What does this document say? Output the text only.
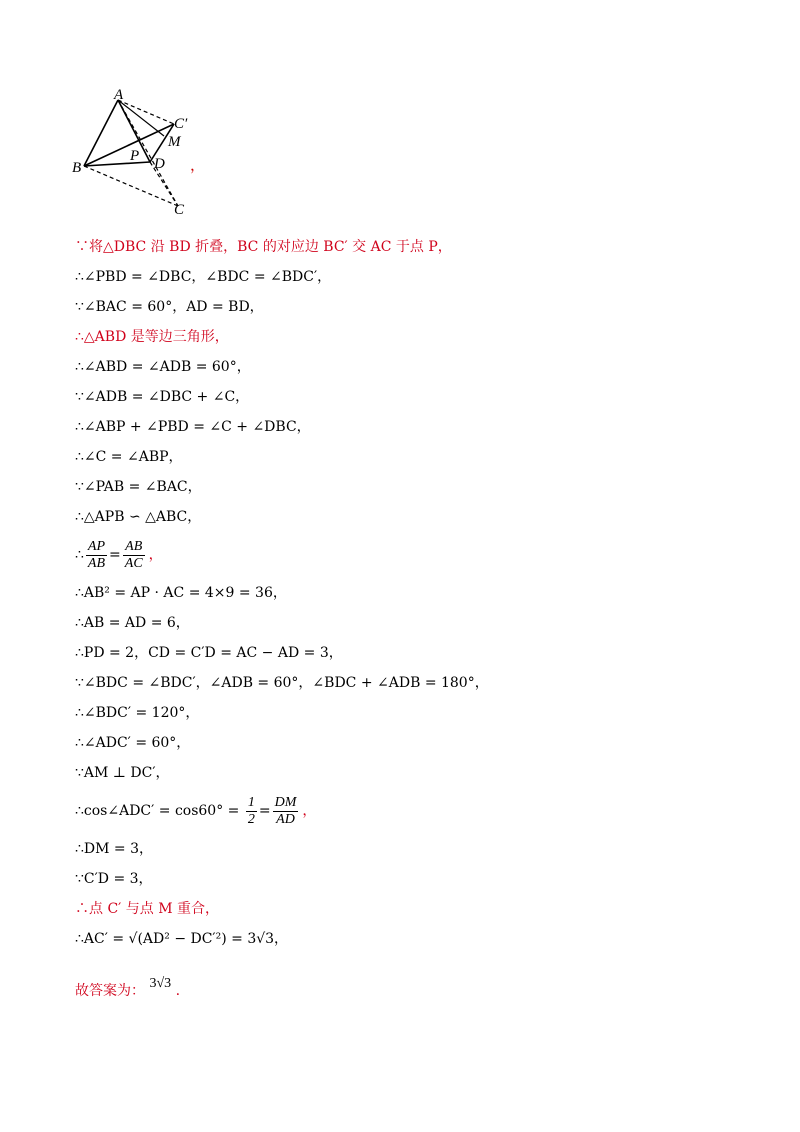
A
B
C
C′
D
M
P
，
∵将△DBC 沿 BD 折叠，BC 的对应边 BC′ 交 AC 于点 P，
∴∠PBD = ∠DBC，∠BDC = ∠BDC′，
∵∠BAC = 60°，AD = BD，
∴△ABD 是等边三角形，
∴∠ABD = ∠ADB = 60°，
∵∠ADB = ∠DBC + ∠C，
∴∠ABP + ∠PBD = ∠C + ∠DBC，
∴∠C = ∠ABP，
∵∠PAB = ∠BAC，
∴△APB ∽ △ABC，
∴ $\frac{AP}{AB} = \frac{AB}{AC}$ ，
∴AB² = AP · AC = 4×9 = 36，
∴AB = AD = 6，
∴PD = 2，CD = C′D = AC − AD = 3，
∵∠BDC = ∠BDC′，∠ADB = 60°，∠BDC + ∠ADB = 180°，
∴∠BDC′ = 120°，
∴∠ADC′ = 60°，
∵AM ⊥ DC′，
∴cos∠ADC′ = $\cos 60^\circ = \frac{1}{2} = \frac{DM}{AD}$ ，
∴DM = 3，
∵C′D = 3，
∴点 C′ 与点 M 重合，
∴AC′ = √(AD² − DC′²) = 3√3，
故答案为： 3√3 .
